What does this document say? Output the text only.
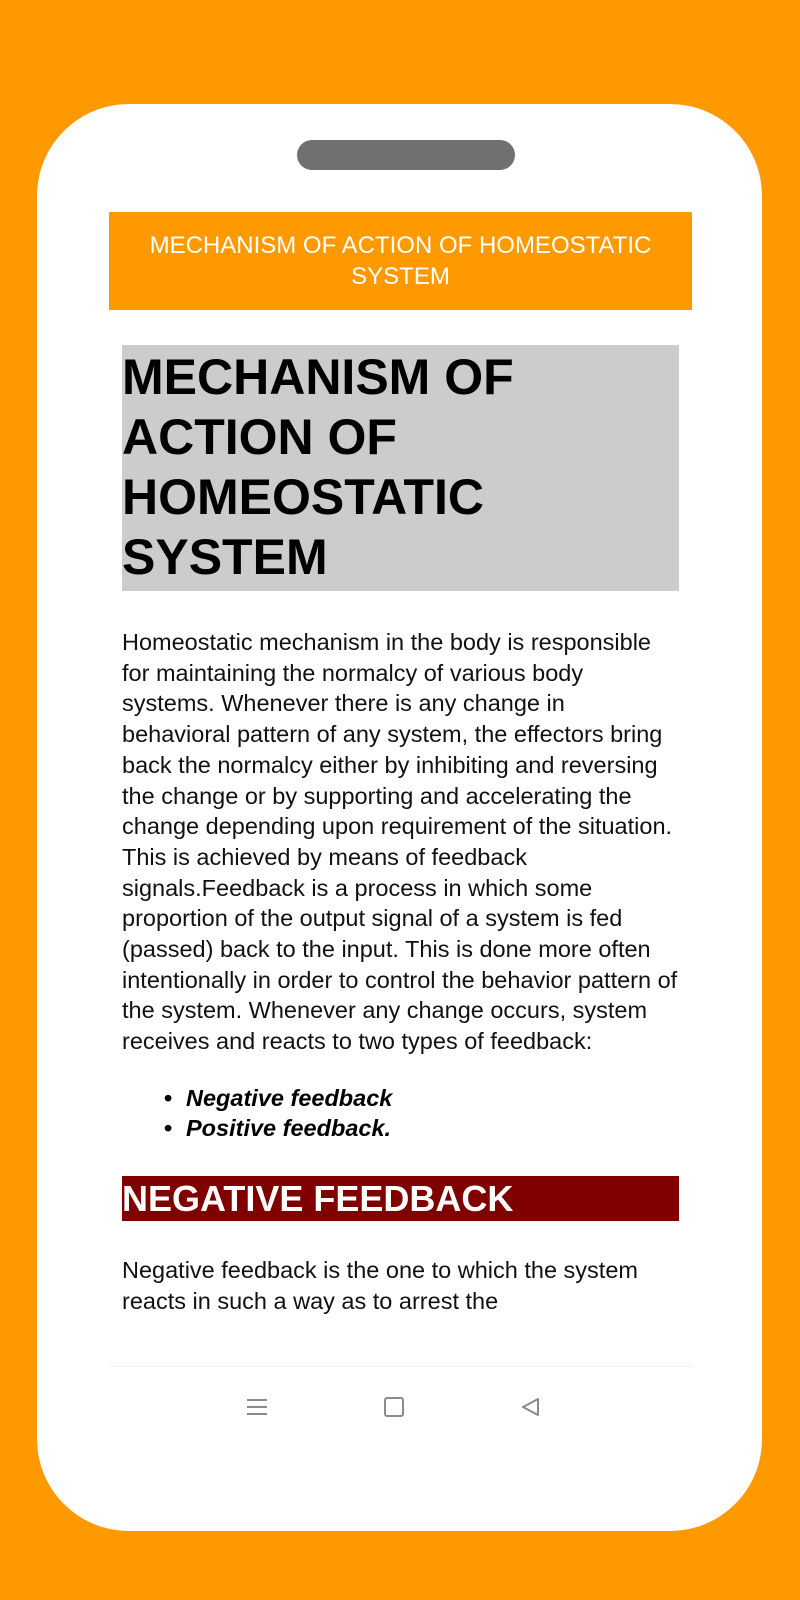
MECHANISM OF ACTION OF HOMEOSTATIC SYSTEM
MECHANISM OF
ACTION OF
HOMEOSTATIC
SYSTEM

Homeostatic mechanism in the body is responsible for maintaining the normalcy of various body systems. Whenever there is any change in behavioral pattern of any system, the effectors bring back the normalcy either by inhibiting and reversing the change or by supporting and accelerating the change depending upon requirement of the situation. This is achieved by means of feedback signals.Feedback is a process in which some proportion of the output signal of a system is fed (passed) back to the input. This is done more often intentionally in order to control the behavior pattern of the system. Whenever any change occurs, system receives and reacts to two types of feedback:

• Negative feedback
• Positive feedback.
NEGATIVE FEEDBACK

Negative feedback is the one to which the system reacts in such a way as to arrest the
